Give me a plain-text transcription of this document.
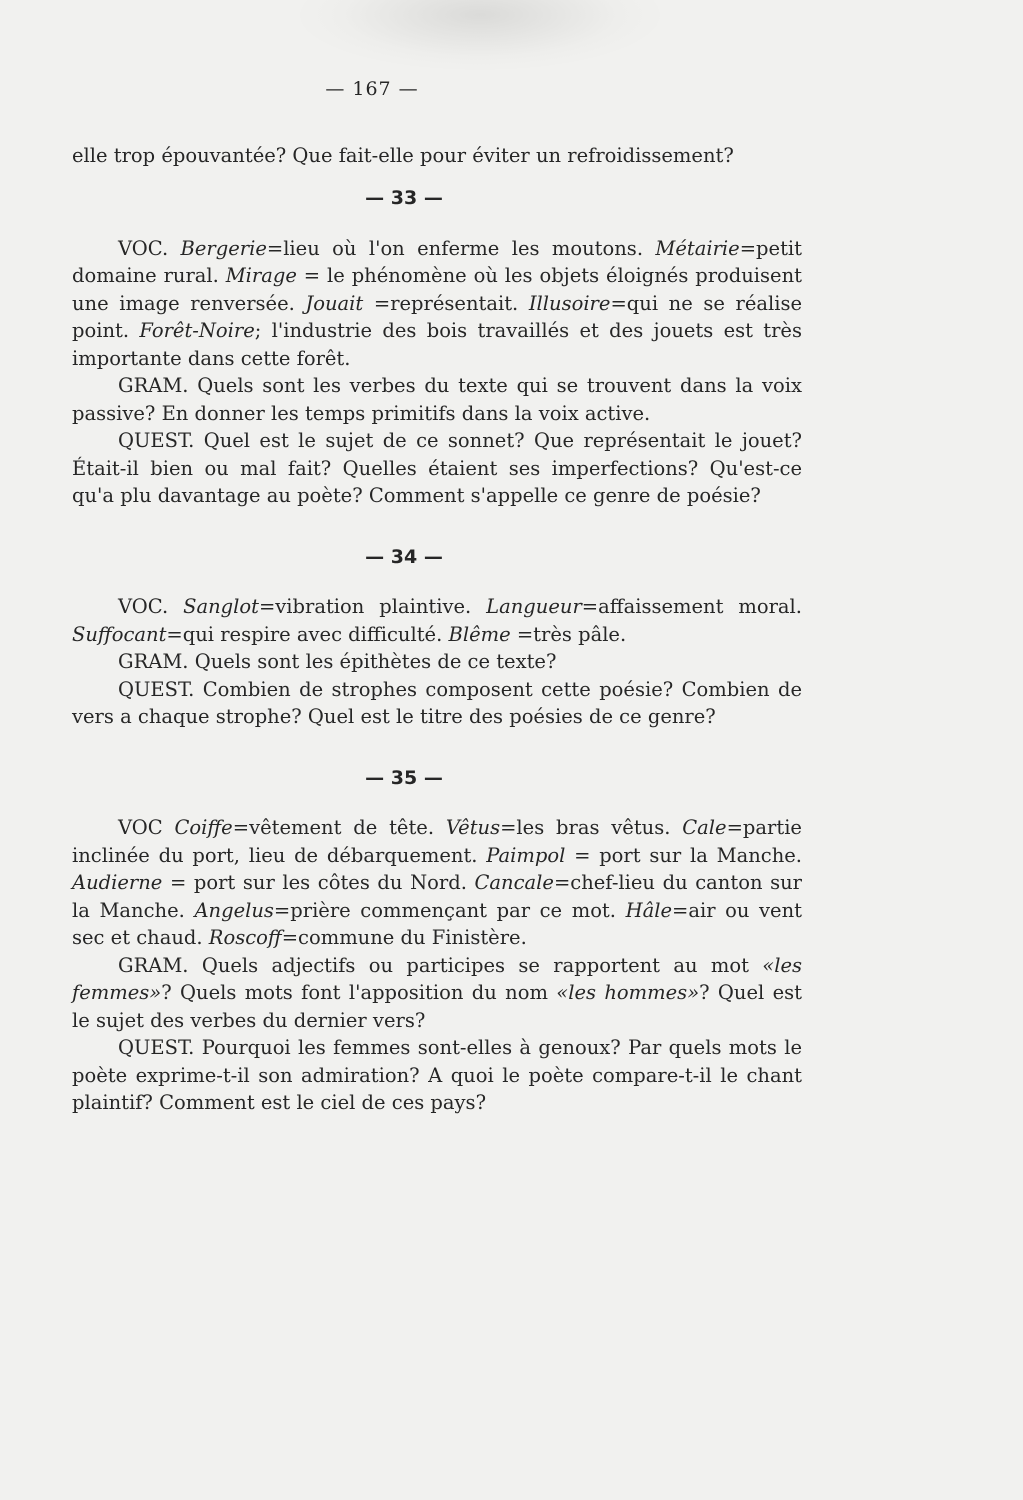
— 167 —

elle trop épouvantée? Que fait-elle pour éviter un refroidissement?

— 33 —

VOC. Bergerie=lieu où l'on enferme les moutons. Métairie=petit domaine rural. Mirage = le phénomène où les objets éloignés produisent une image renversée. Jouait =représentait. Illusoire=qui ne se réalise point. Forêt-Noire; l'industrie des bois travaillés et des jouets est très importante dans cette forêt.

GRAM. Quels sont les verbes du texte qui se trouvent dans la voix passive? En donner les temps primitifs dans la voix active.

QUEST. Quel est le sujet de ce sonnet? Que représentait le jouet? Était-il bien ou mal fait? Quelles étaient ses imperfections? Qu'est-ce qu'a plu davantage au poète? Comment s'appelle ce genre de poésie?

— 34 —

VOC. Sanglot=vibration plaintive. Langueur=affaissement moral. Suffocant=qui respire avec difficulté. Blême =très pâle.

GRAM. Quels sont les épithètes de ce texte?

QUEST. Combien de strophes composent cette poésie? Combien de vers a chaque strophe? Quel est le titre des poésies de ce genre?

— 35 —

VOC Coiffe=vêtement de tête. Vêtus=les bras vêtus. Cale=partie inclinée du port, lieu de débarquement. Paimpol = port sur la Manche. Audierne = port sur les côtes du Nord. Cancale=chef-lieu du canton sur la Manche. Angelus=prière commençant par ce mot. Hâle=air ou vent sec et chaud. Roscoff=commune du Finistère.

GRAM. Quels adjectifs ou participes se rapportent au mot «les femmes»? Quels mots font l'apposition du nom «les hommes»? Quel est le sujet des verbes du dernier vers?

QUEST. Pourquoi les femmes sont-elles à genoux? Par quels mots le poète exprime-t-il son admiration? A quoi le poète compare-t-il le chant plaintif? Comment est le ciel de ces pays?
